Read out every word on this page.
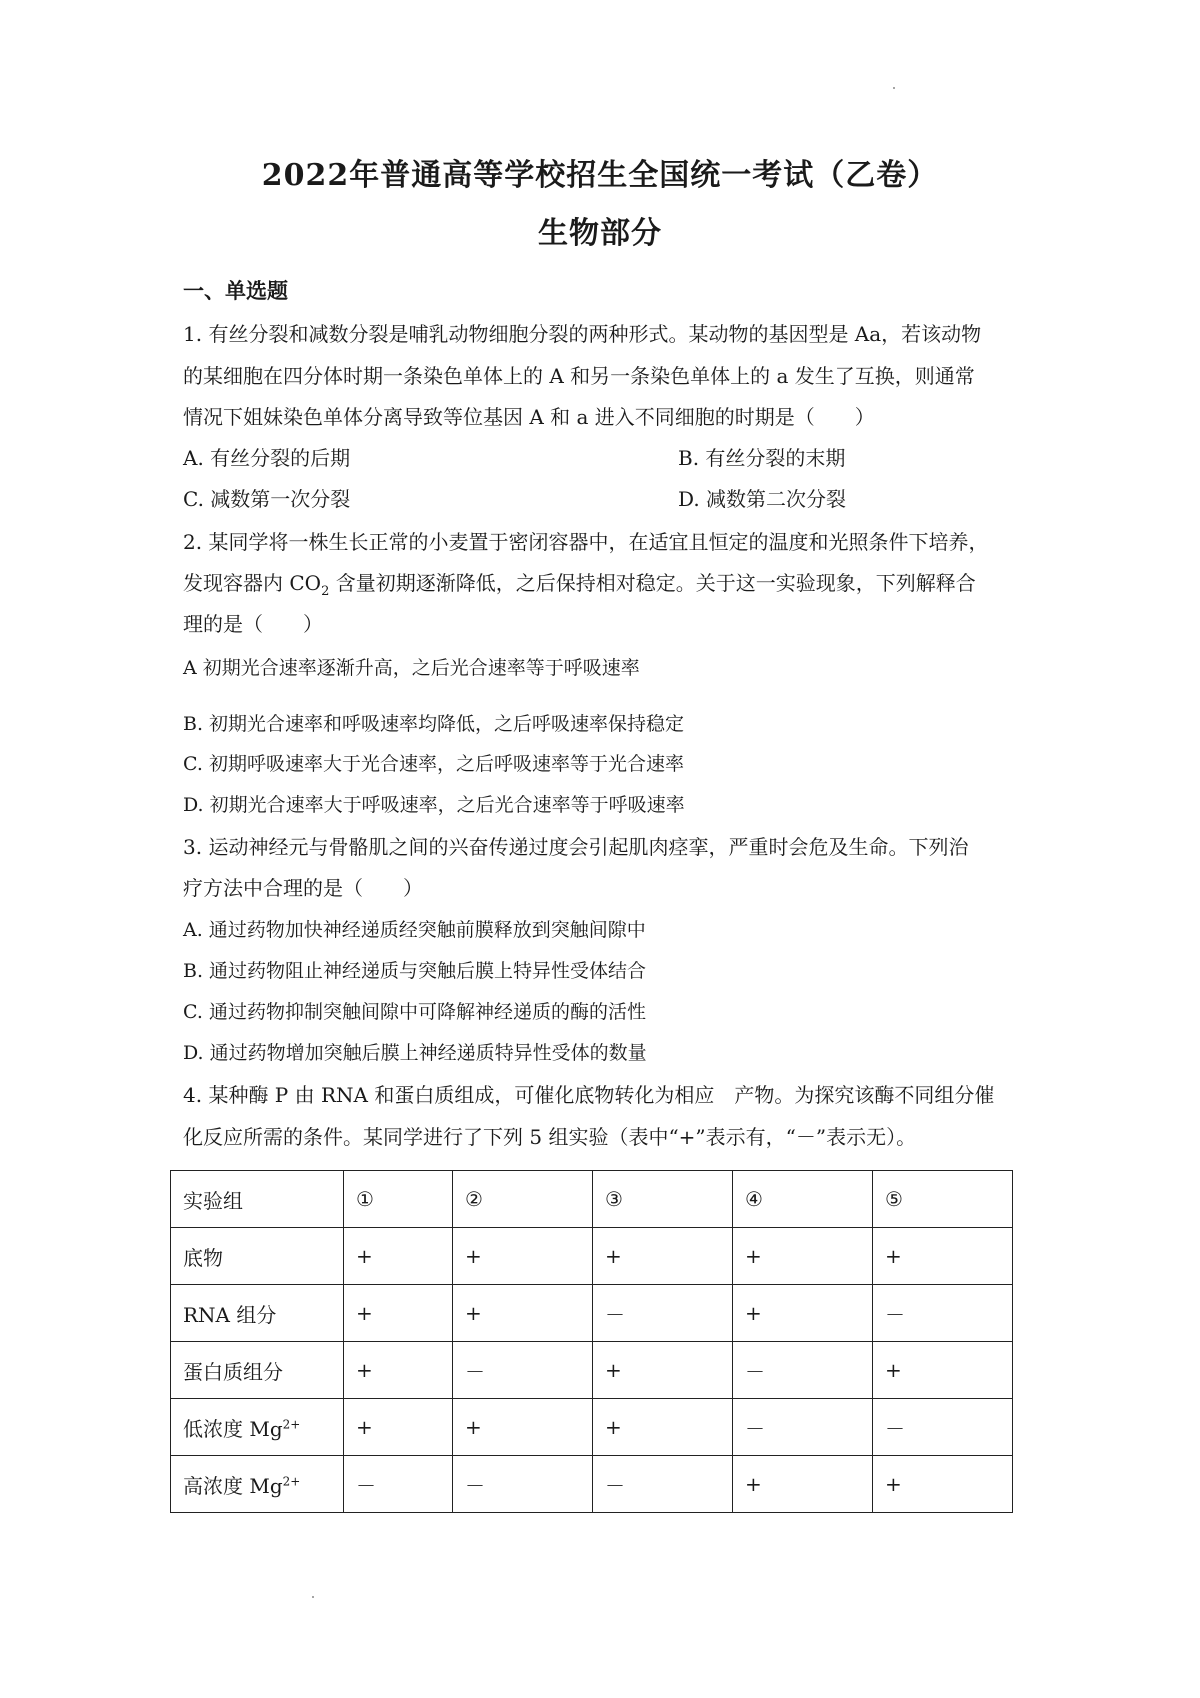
2022年普通高等学校招生全国统一考试（乙卷）
生物部分
一、单选题
1. 有丝分裂和减数分裂是哺乳动物细胞分裂的两种形式。某动物的基因型是 Aa，若该动物
的某细胞在四分体时期一条染色单体上的 A 和另一条染色单体上的 a 发生了互换，则通常
情况下姐妹染色单体分离导致等位基因 A 和 a 进入不同细胞的时期是（　　）
A. 有丝分裂的后期	B. 有丝分裂的末期
C. 减数第一次分裂	D. 减数第二次分裂
2. 某同学将一株生长正常的小麦置于密闭容器中，在适宜且恒定的温度和光照条件下培养，
发现容器内 $CO_2$ 含量初期逐渐降低，之后保持相对稳定。关于这一实验现象，下列解释合
理的是（　　）
A 初期光合速率逐渐升高，之后光合速率等于呼吸速率
B. 初期光合速率和呼吸速率均降低，之后呼吸速率保持稳定
C. 初期呼吸速率大于光合速率，之后呼吸速率等于光合速率
D. 初期光合速率大于呼吸速率，之后光合速率等于呼吸速率
3. 运动神经元与骨骼肌之间的兴奋传递过度会引起肌肉痉挛，严重时会危及生命。下列治
疗方法中合理的是（　　）
A. 通过药物加快神经递质经突触前膜释放到突触间隙中
B. 通过药物阻止神经递质与突触后膜上特异性受体结合
C. 通过药物抑制突触间隙中可降解神经递质的酶的活性
D. 通过药物增加突触后膜上神经递质特异性受体的数量
4. 某种酶 P 由 RNA 和蛋白质组成，可催化底物转化为相应　产物。为探究该酶不同组分催
化反应所需的条件。某同学进行了下列 5 组实验（表中“+”表示有，“－”表示无）。
实验组	①	②	③	④	⑤
底物	+	+	+	+	+
RNA 组分	+	+	－	+	－
蛋白质组分	+	－	+	－	+
低浓度 $Mg^{2+}$	+	+	+	－	－
高浓度 $Mg^{2+}$	－	－	－	+	+
